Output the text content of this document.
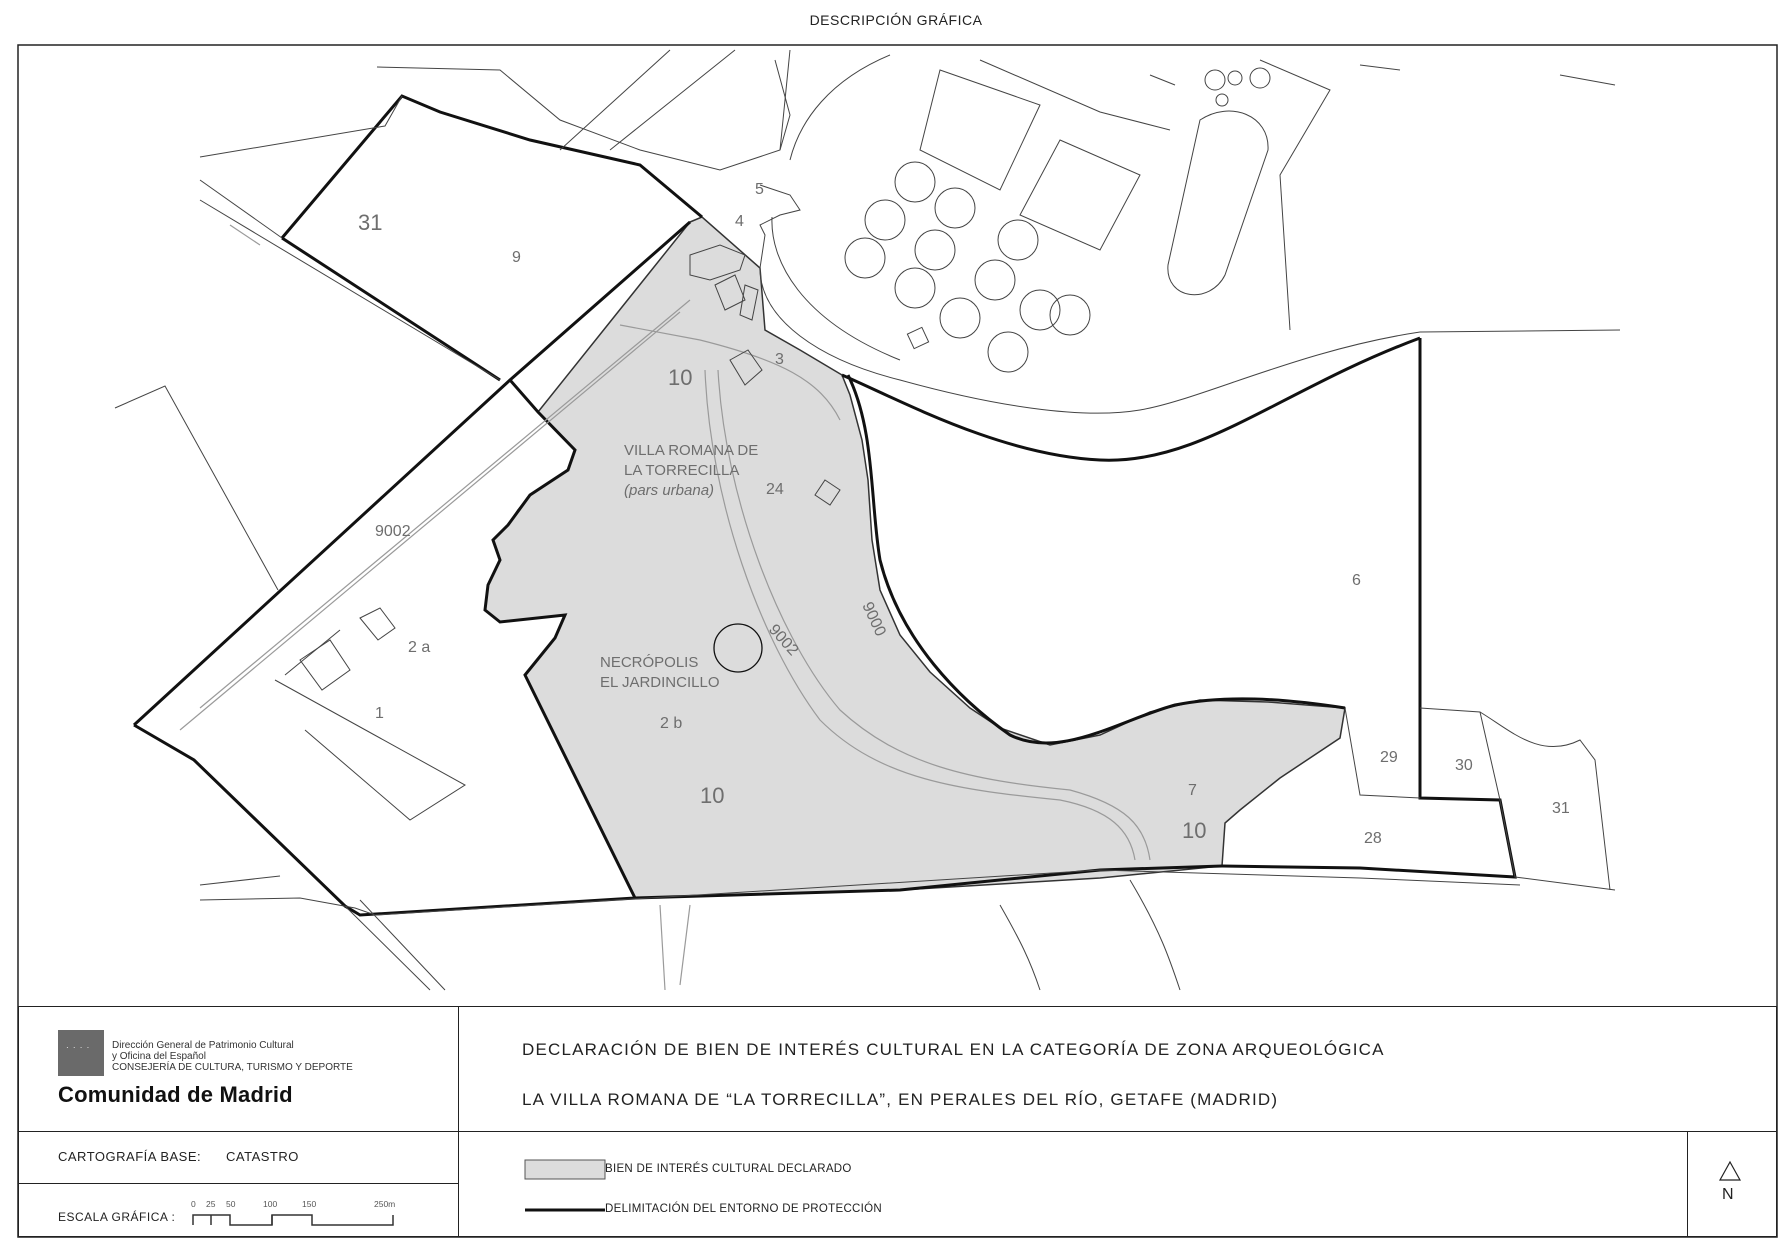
DESCRIPCIÓN GRÁFICA
31
9
4
5
3
10
24
9002
9002
9000
2 a
1
2 b
10	7
10
6
29	30
31
28
VILLA ROMANA DE
LA TORRECILLA
(pars urbana)
NECRÓPOLIS
EL JARDINCILLO
· · · ·	Dirección General de Patrimonio Cultural
y Oficina del Español
CONSEJERÍA DE CULTURA, TURISMO Y DEPORTE
Comunidad de Madrid
DECLARACIÓN DE BIEN DE INTERÉS CULTURAL EN LA CATEGORÍA DE ZONA ARQUEOLÓGICA
LA VILLA ROMANA DE “LA TORRECILLA”, EN PERALES DEL RÍO, GETAFE (MADRID)
CARTOGRAFÍA BASE: CATASTRO
ESCALA GRÁFICA :
0 25 50	100	150	250m
BIEN DE INTERÉS CULTURAL DECLARADO
DELIMITACIÓN DEL ENTORNO DE PROTECCIÓN
N
